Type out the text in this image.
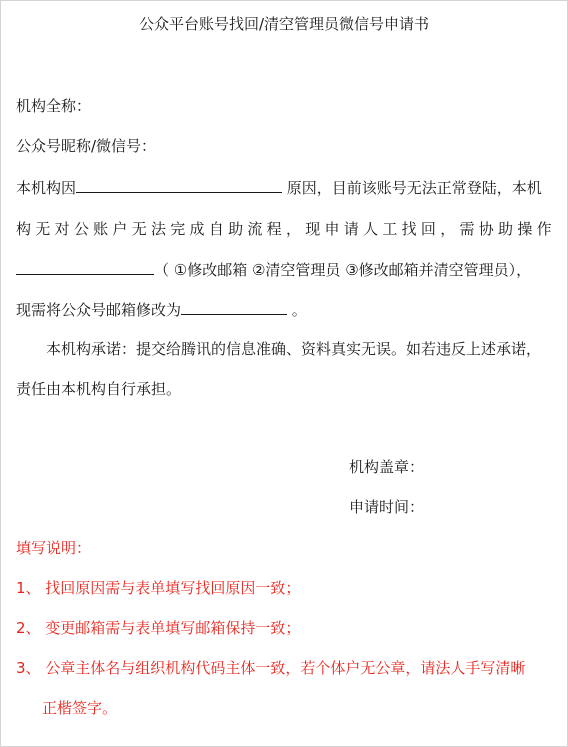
公众平台账号找回/清空管理员微信号申请书
机构全称：
公众号昵称/微信号：
本机构因	原因，目前该账号无法正常登陆，本机
构 无 对 公 账 户 无 法 完 成 自 助 流 程 ， 现 申 请 人 工 找 回 ， 需 协 助 操 作
（ ①修改邮箱 ②清空管理员 ③修改邮箱并清空管理员），
现需将公众号邮箱修改为	。
本机构承诺：提交给腾讯的信息准确、资料真实无误。如若违反上述承诺，
责任由本机构自行承担。
机构盖章：
申请时间：
填写说明：
1、 找回原因需与表单填写找回原因一致；
2、 变更邮箱需与表单填写邮箱保持一致；
3、 公章主体名与组织机构代码主体一致，若个体户无公章，请法人手写清晰
正楷签字。
